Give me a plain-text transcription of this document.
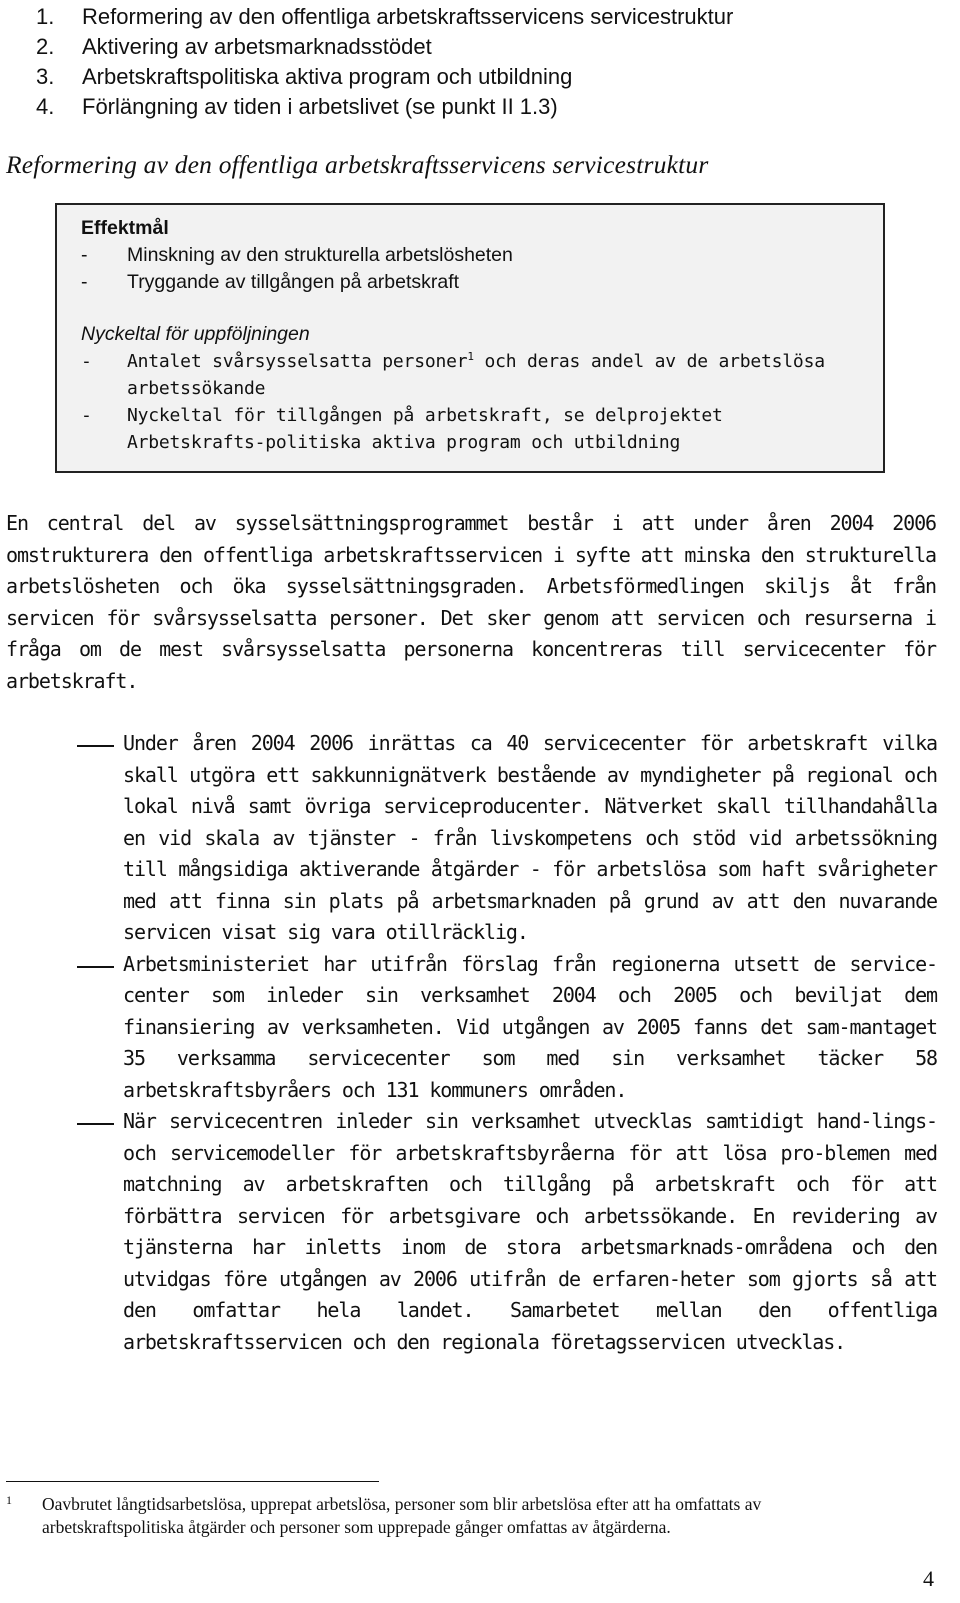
1.	Reformering av den offentliga arbetskraftsservicens servicestruktur
2.	Aktivering av arbetsmarknadsstödet
3.	Arbetskraftspolitiska aktiva program och utbildning
4.	Förlängning av tiden i arbetslivet (se punkt II 1.3)
Reformering av den offentliga arbetskraftsservicens servicestruktur
Effektmål
-	Minskning av den strukturella arbetslösheten
-	Tryggande av tillgången på arbetskraft
Nyckeltal för uppföljningen
-	Antalet svårsysselsatta personer$^1$ och deras andel av de arbetslösa arbetssökande
-	Nyckeltal för tillgången på arbetskraft, se delprojektet Arbetskrafts-politiska aktiva program och utbildning

En central del av sysselsättningsprogrammet består i att under åren 2004 2006 omstrukturera den offentliga arbetskraftsservicen i syfte att minska den strukturella arbetslösheten och öka sysselsättningsgraden. Arbetsförmedlingen skiljs åt från servicen för svårsysselsatta personer. Det sker genom att servicen och resurserna i fråga om de mest svårsysselsatta personerna koncentreras till servicecenter för arbetskraft.

Under åren 2004 2006 inrättas ca 40 servicecenter för arbetskraft vilka skall utgöra ett sakkunnignätverk bestående av myndigheter på regional och lokal nivå samt övriga serviceproducenter. Nätverket skall tillhandahålla en vid skala av tjänster - från livskompetens och stöd vid arbetssökning till mångsidiga aktiverande åtgärder - för arbetslösa som haft svårigheter med att finna sin plats på arbetsmarknaden på grund av att den nuvarande servicen visat sig vara otillräcklig.
Arbetsministeriet har utifrån förslag från regionerna utsett de service-center som inleder sin verksamhet 2004 och 2005 och beviljat dem finansiering av verksamheten. Vid utgången av 2005 fanns det sam-mantaget 35 verksamma servicecenter som med sin verksamhet täcker 58 arbetskraftsbyråers och 131 kommuners områden.
När servicecentren inleder sin verksamhet utvecklas samtidigt hand-lings- och servicemodeller för arbetskraftsbyråerna för att lösa pro-blemen med matchning av arbetskraften och tillgång på arbetskraft och för att förbättra servicen för arbetsgivare och arbetssökande. En revidering av tjänsterna har inletts inom de stora arbetsmarknads-områdena och den utvidgas före utgången av 2006 utifrån de erfaren-heter som gjorts så att den omfattar hela landet. Samarbetet mellan den offentliga arbetskraftsservicen och den regionala företagsservicen utvecklas.
1	Oavbrutet långtidsarbetslösa, upprepat arbetslösa, personer som blir arbetslösa efter att ha omfattats av
arbetskraftspolitiska åtgärder och personer som upprepade gånger omfattas av åtgärderna.
4
